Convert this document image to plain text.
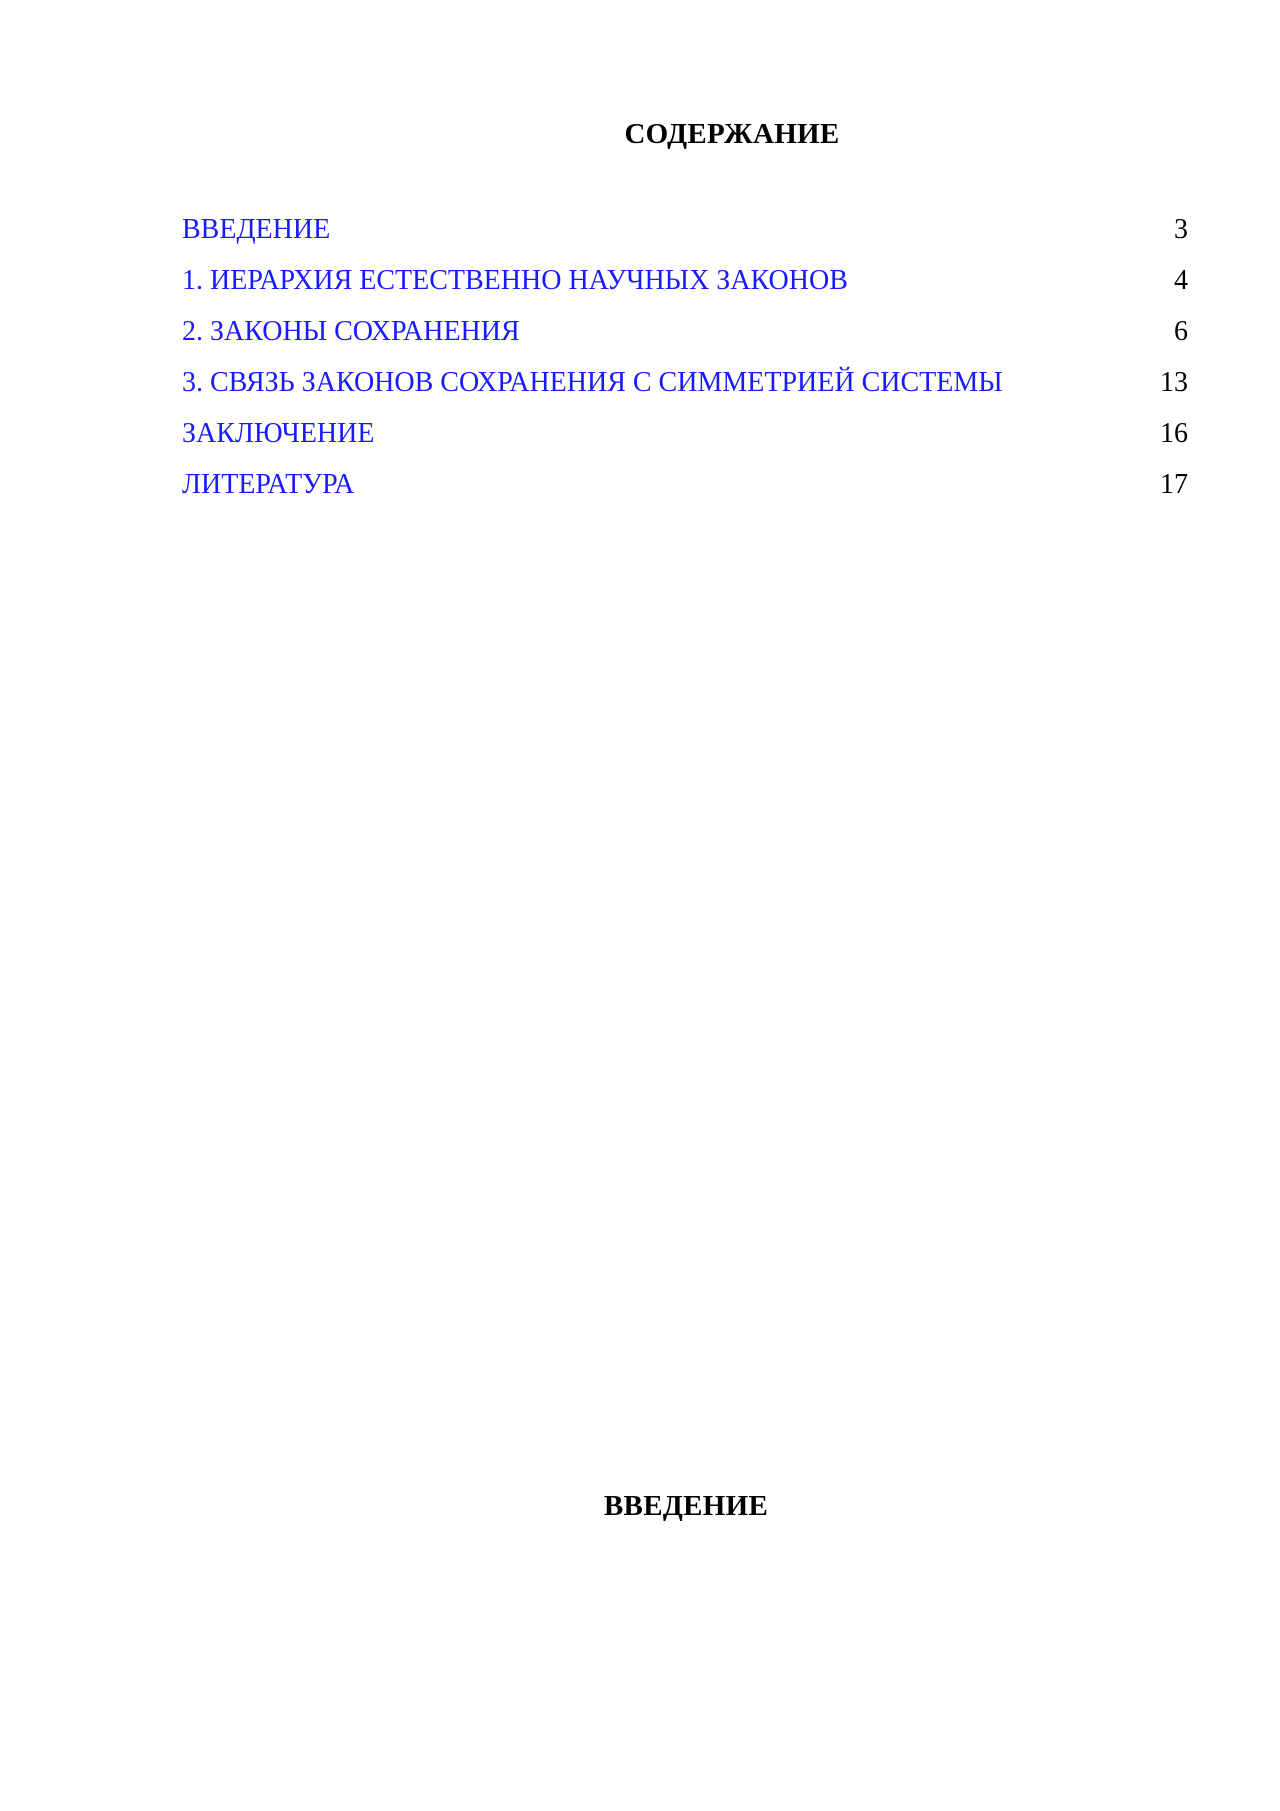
СОДЕРЖАНИЕ
ВВЕДЕНИЕ	3
1. ИЕРАРХИЯ ЕСТЕСТВЕННО НАУЧНЫХ ЗАКОНОВ	4
2. ЗАКОНЫ СОХРАНЕНИЯ	6
3. СВЯЗЬ ЗАКОНОВ СОХРАНЕНИЯ С СИММЕТРИЕЙ СИСТЕМЫ	13
ЗАКЛЮЧЕНИЕ	16
ЛИТЕРАТУРА	17
ВВЕДЕНИЕ
